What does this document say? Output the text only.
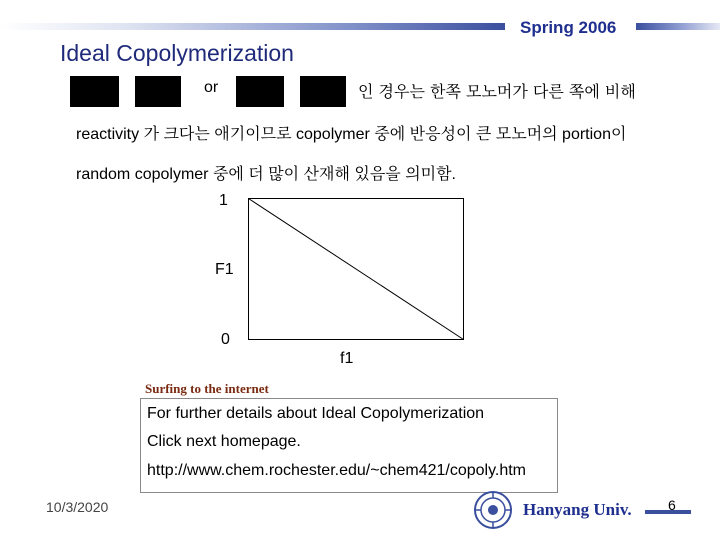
Spring 2006
Ideal Copolymerization
or	인 경우는 한쪽 모노머가 다른 쪽에 비해
reactivity 가 크다는 애기이므로 copolymer 중에 반응성이 큰 모노머의 portion이
random copolymer 중에 더 많이 산재해 있음을 의미함.
1
F1
0
f1
Surfing to the internet
For further details about Ideal Copolymerization
Click next homepage.
http://www.chem.rochester.edu/~chem421/copoly.htm
10/3/2020	Hanyang Univ.	6
